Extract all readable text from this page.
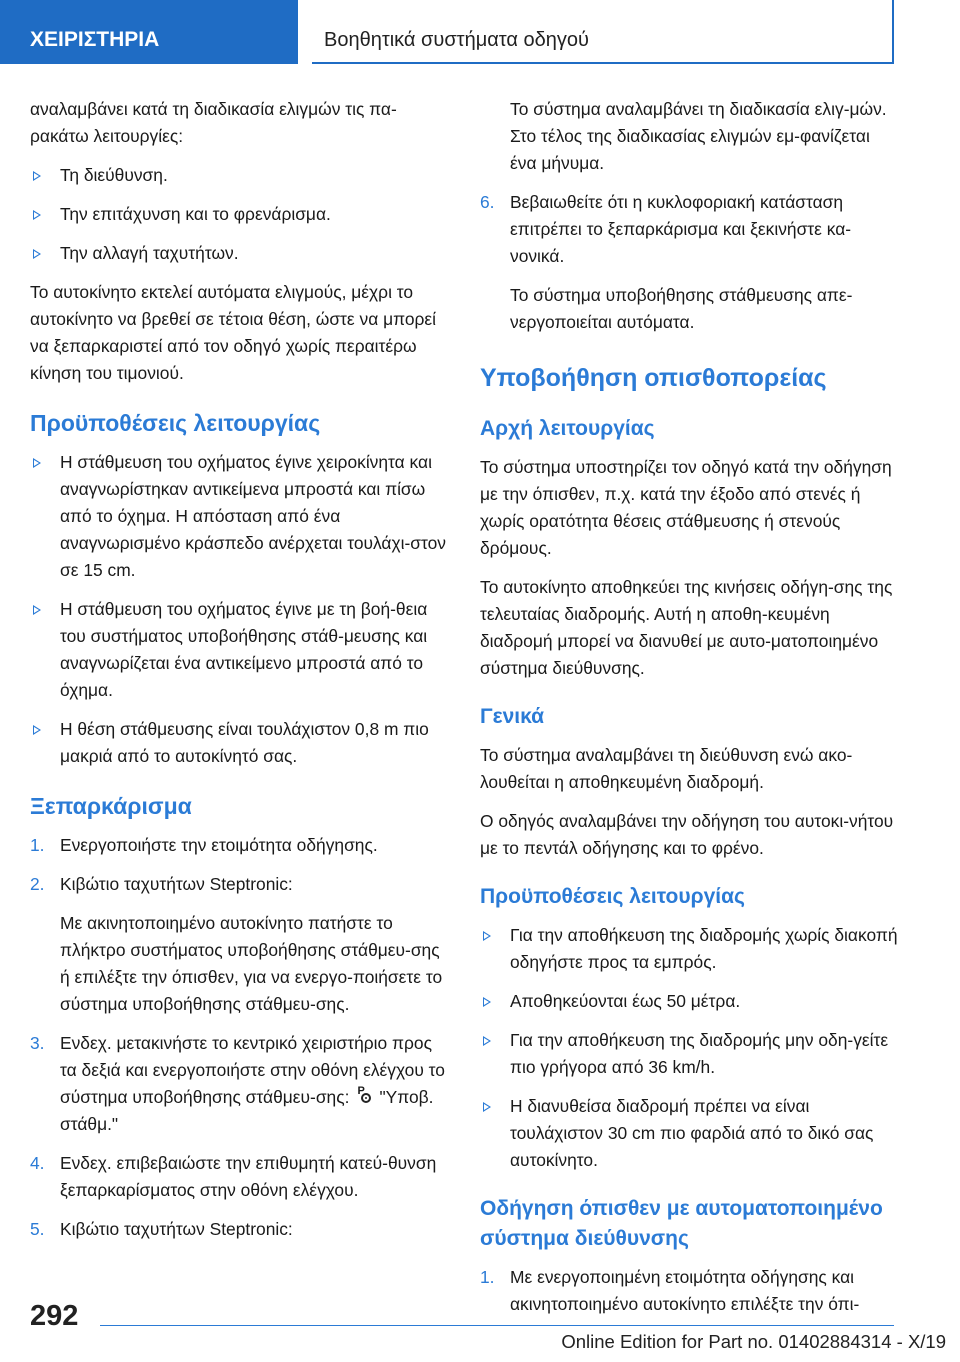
ΧΕΙΡΙΣΤΗΡΙΑ	Βοηθητικά συστήματα οδηγού

αναλαμβάνει κατά τη διαδικασία ελιγμών τις πα-ρακάτω λειτουργίες:

Τη διεύθυνση.
Την επιτάχυνση και το φρενάρισμα.
Την αλλαγή ταχυτήτων.

Το αυτοκίνητο εκτελεί αυτόματα ελιγμούς, μέχρι το αυτοκίνητο να βρεθεί σε τέτοια θέση, ώστε να μπορεί να ξεπαρκαριστεί από τον οδηγό χωρίς περαιτέρω κίνηση του τιμονιού.

Προϋποθέσεις λειτουργίας
Η στάθμευση του οχήματος έγινε χειροκίνητα και αναγνωρίστηκαν αντικείμενα μπροστά και πίσω από το όχημα. Η απόσταση από ένα αναγνωρισμένο κράσπεδο ανέρχεται τουλάχι-στον σε 15 cm.
Η στάθμευση του οχήματος έγινε με τη βοή-θεια του συστήματος υποβοήθησης στάθ-μευσης και αναγνωρίζεται ένα αντικείμενο μπροστά από το όχημα.
Η θέση στάθμευσης είναι τουλάχιστον 0,8 m πιο μακριά από το αυτοκίνητό σας.
Ξεπαρκάρισμα
1. Ενεργοποιήστε την ετοιμότητα οδήγησης.
2. Κιβώτιο ταχυτήτων Steptronic:

Με ακινητοποιημένο αυτοκίνητο πατήστε το πλήκτρο συστήματος υποβοήθησης στάθμευ-σης ή επιλέξτε την όπισθεν, για να ενεργο-ποιήσετε το σύστημα υποβοήθησης στάθμευ-σης.

3. Ενδεχ. μετακινήστε το κεντρικό χειριστήριο προς τα δεξιά και ενεργοποιήστε στην οθόνη ελέγχου το σύστημα υποβοήθησης στάθμευ-σης: P "Υποβ. στάθμ."
4. Ενδεχ. επιβεβαιώστε την επιθυμητή κατεύ-θυνση ξεπαρκαρίσματος στην οθόνη ελέγχου.
5. Κιβώτιο ταχυτήτων Steptronic:

Το σύστημα αναλαμβάνει τη διαδικασία ελιγ-μών. Στο τέλος της διαδικασίας ελιγμών εμ-φανίζεται ένα μήνυμα.

6. Βεβαιωθείτε ότι η κυκλοφοριακή κατάσταση επιτρέπει το ξεπαρκάρισμα και ξεκινήστε κα-νονικά.

Το σύστημα υποβοήθησης στάθμευσης απε-νεργοποιείται αυτόματα.

Υποβοήθηση οπισθοπορείας
Αρχή λειτουργίας

Το σύστημα υποστηρίζει τον οδηγό κατά την οδήγηση με την όπισθεν, π.χ. κατά την έξοδο από στενές ή χωρίς ορατότητα θέσεις στάθμευσης ή στενούς δρόμους.

Το αυτοκίνητο αποθηκεύει της κινήσεις οδήγη-σης της τελευταίας διαδρομής. Αυτή η αποθη-κευμένη διαδρομή μπορεί να διανυθεί με αυτο-ματοποιημένο σύστημα διεύθυνσης.

Γενικά

Το σύστημα αναλαμβάνει τη διεύθυνση ενώ ακο-λουθείται η αποθηκευμένη διαδρομή.

Ο οδηγός αναλαμβάνει την οδήγηση του αυτοκι-νήτου με το πεντάλ οδήγησης και το φρένο.

Προϋποθέσεις λειτουργίας
Για την αποθήκευση της διαδρομής χωρίς διακοπή οδηγήστε προς τα εμπρός.
Αποθηκεύονται έως 50 μέτρα.
Για την αποθήκευση της διαδρομής μην οδη-γείτε πιο γρήγορα από 36 km/h.
Η διανυθείσα διαδρομή πρέπει να είναι τουλάχιστον 30 cm πιο φαρδιά από το δικό σας αυτοκίνητο.
Οδήγηση όπισθεν με αυτοματοποιημένο σύστημα διεύθυνσης
1. Με ενεργοποιημένη ετοιμότητα οδήγησης και ακινητοποιημένο αυτοκίνητο επιλέξτε την όπι-
292
Online Edition for Part no. 01402884314 - X/19
